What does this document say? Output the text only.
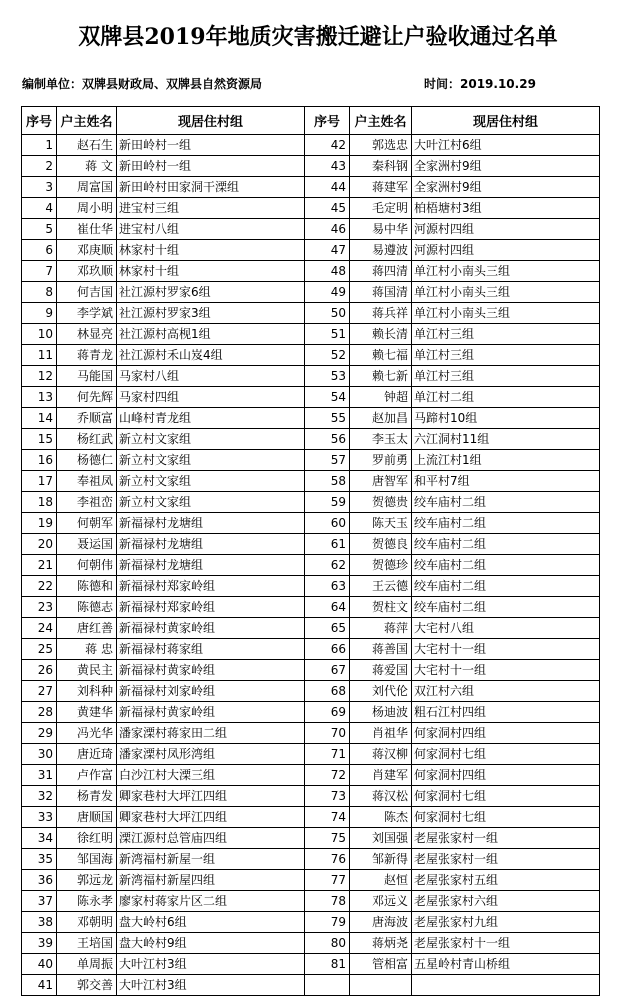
双牌县2019年地质灾害搬迁避让户验收通过名单
编制单位：双牌县财政局、双牌县自然资源局	时间：2019.10.29
序号	户主姓名	现居住村组	序号	户主姓名	现居住村组
1	赵石生	新田岭村一组	42	郭选忠	大叶江村6组
2	蒋 文	新田岭村一组	43	秦科钢	全家洲村9组
3	周富国	新田岭村田家洞干溧组	44	蒋建军	全家洲村9组
4	周小明	进宝村三组	45	毛定明	柏梧塘村3组
5	崔仕华	进宝村八组	46	易中华	河源村四组
6	邓庚顺	林家村十组	47	易遵波	河源村四组
7	邓玖顺	林家村十组	48	蒋四清	单江村小南头三组
8	何吉国	社江源村罗家6组	49	蒋国清	单江村小南头三组
9	李学斌	社江源村罗家3组	50	蒋兵祥	单江村小南头三组
10	林显亮	社江源村高枧1组	51	赖长清	单江村三组
11	蒋青龙	社江源村禾山岌4组	52	赖七福	单江村三组
12	马能国	马家村八组	53	赖七新	单江村三组
13	何先辉	马家村四组	54	钟超	单江村二组
14	乔顺富	山峰村青龙组	55	赵加昌	马蹄村10组
15	杨红武	新立村文家组	56	李玉太	六江洞村11组
16	杨德仁	新立村文家组	57	罗前勇	上流江村1组
17	奉祖凤	新立村文家组	58	唐智军	和平村7组
18	李祖峦	新立村文家组	59	贺德贵	绞车庙村二组
19	何朝军	新福禄村龙塘组	60	陈天玉	绞车庙村二组
20	聂运国	新福禄村龙塘组	61	贺德良	绞车庙村二组
21	何朝伟	新福禄村龙塘组	62	贺德珍	绞车庙村二组
22	陈德和	新福禄村郑家岭组	63	王云德	绞车庙村二组
23	陈德志	新福禄村郑家岭组	64	贺柱文	绞车庙村二组
24	唐红善	新福禄村黄家岭组	65	蒋萍	大宅村八组
25	蒋 忠	新福禄村蒋家组	66	蒋善国	大宅村十一组
26	黄民主	新福禄村黄家岭组	67	蒋爱国	大宅村十一组
27	刘科种	新福禄村刘家岭组	68	刘代伦	双江村六组
28	黄建华	新福禄村黄家岭组	69	杨迪波	粗石江村四组
29	冯光华	潘家溧村蒋家田二组	70	肖祖华	何家洞村四组
30	唐近琦	潘家溧村凤形湾组	71	蒋汉柳	何家洞村七组
31	卢作富	白沙江村大溧三组	72	肖建军	何家洞村四组
32	杨青发	卿家巷村大坪江四组	73	蒋汉松	何家洞村七组
33	唐顺国	卿家巷村大坪江四组	74	陈杰	何家洞村七组
34	徐红明	溧江源村总管庙四组	75	刘国强	老屋张家村一组
35	邹国海	新湾福村新屋一组	76	邹新得	老屋张家村一组
36	郭远龙	新湾福村新屋四组	77	赵恒	老屋张家村五组
37	陈永孝	廖家村蒋家片区二组	78	邓远义	老屋张家村六组
38	邓朝明	盘大岭村6组	79	唐海波	老屋张家村九组
39	王培国	盘大岭村9组	80	蒋炳尧	老屋张家村十一组
40	单周振	大叶江村3组	81	管相富	五星岭村青山桥组
41	郭交善	大叶江村3组			
